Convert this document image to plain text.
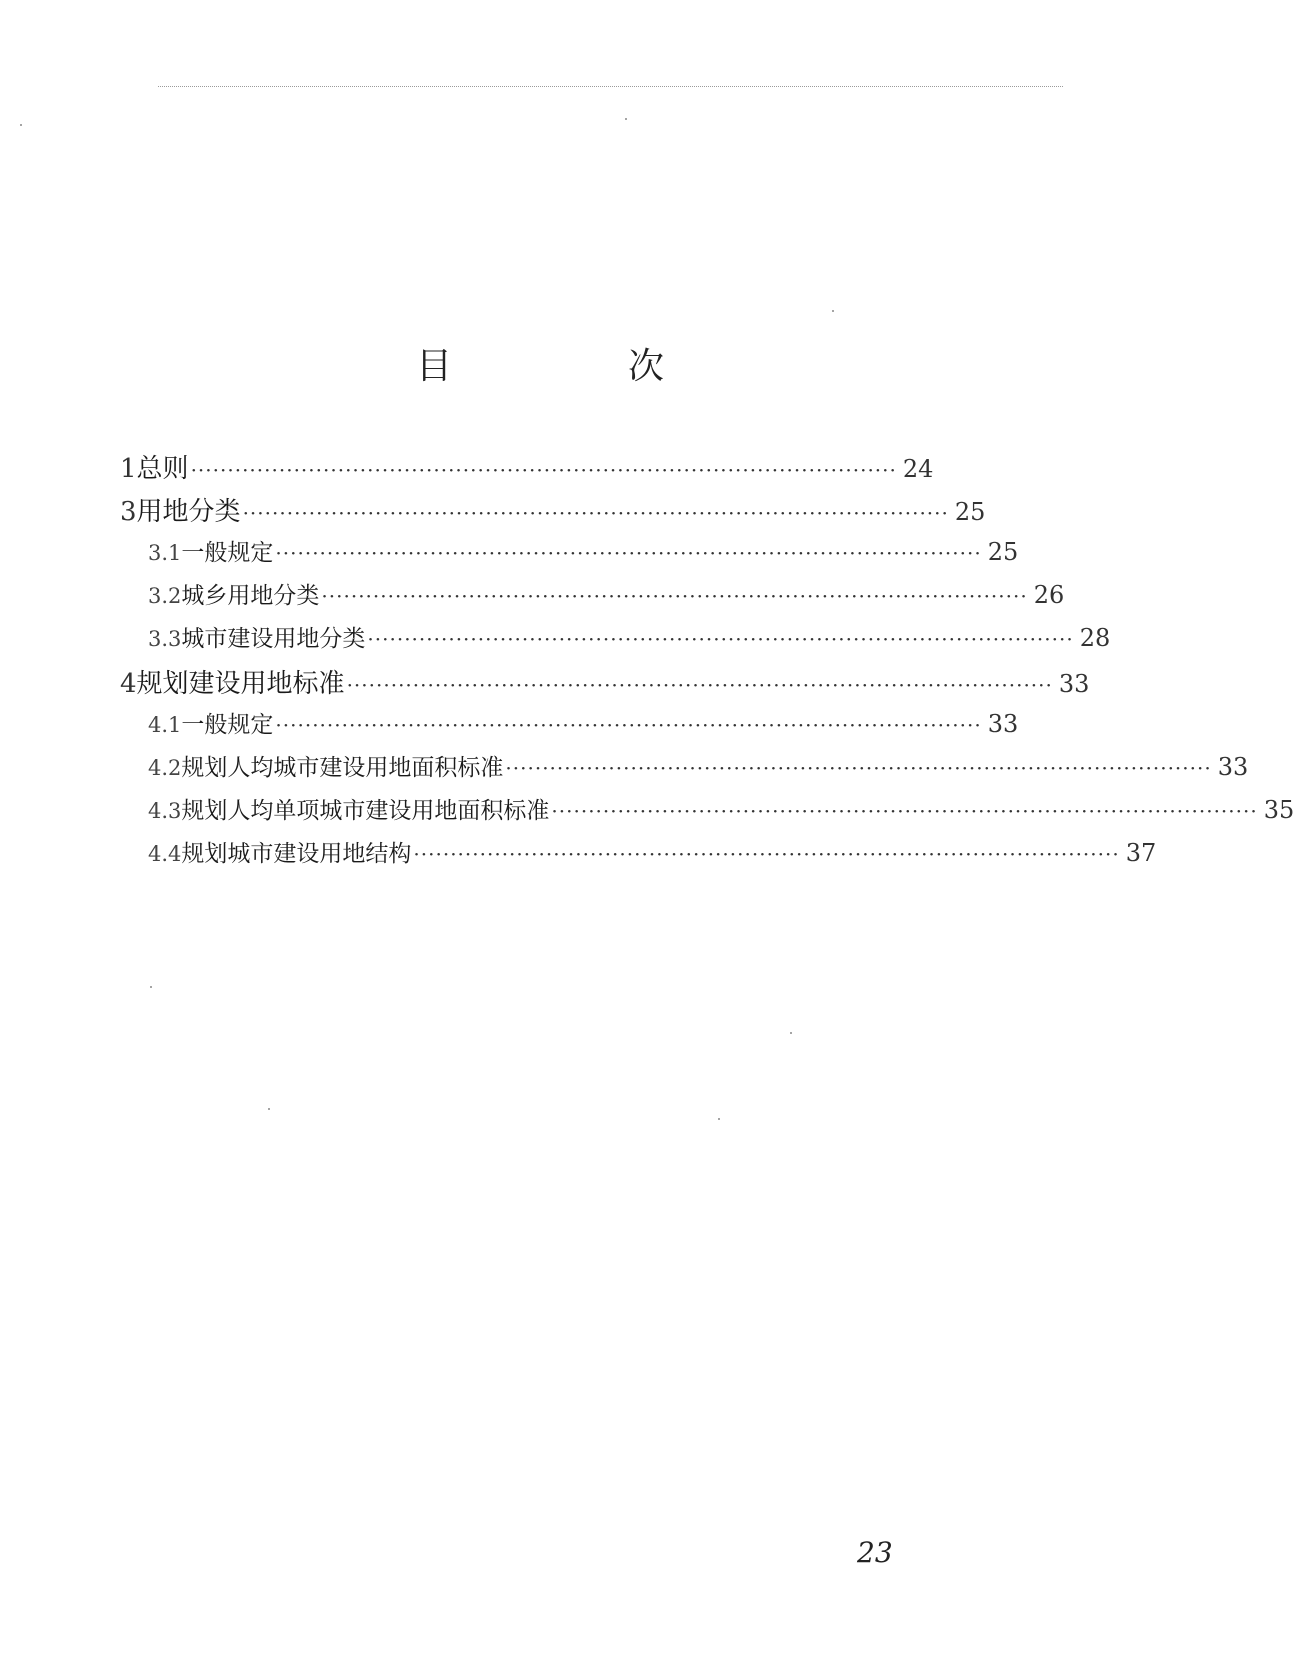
目　次
1 总则 ································································································ 24
3 用地分类 ································································································ 25
3.1 一般规定 ································································································ 25
3.2 城乡用地分类 ································································································ 26
3.3 城市建设用地分类 ································································································ 28
4 规划建设用地标准 ································································································ 33
4.1 一般规定 ································································································ 33
4.2 规划人均城市建设用地面积标准 ································································································ 33
4.3 规划人均单项城市建设用地面积标准 ································································································ 35
4.4 规划城市建设用地结构 ································································································ 37
23
